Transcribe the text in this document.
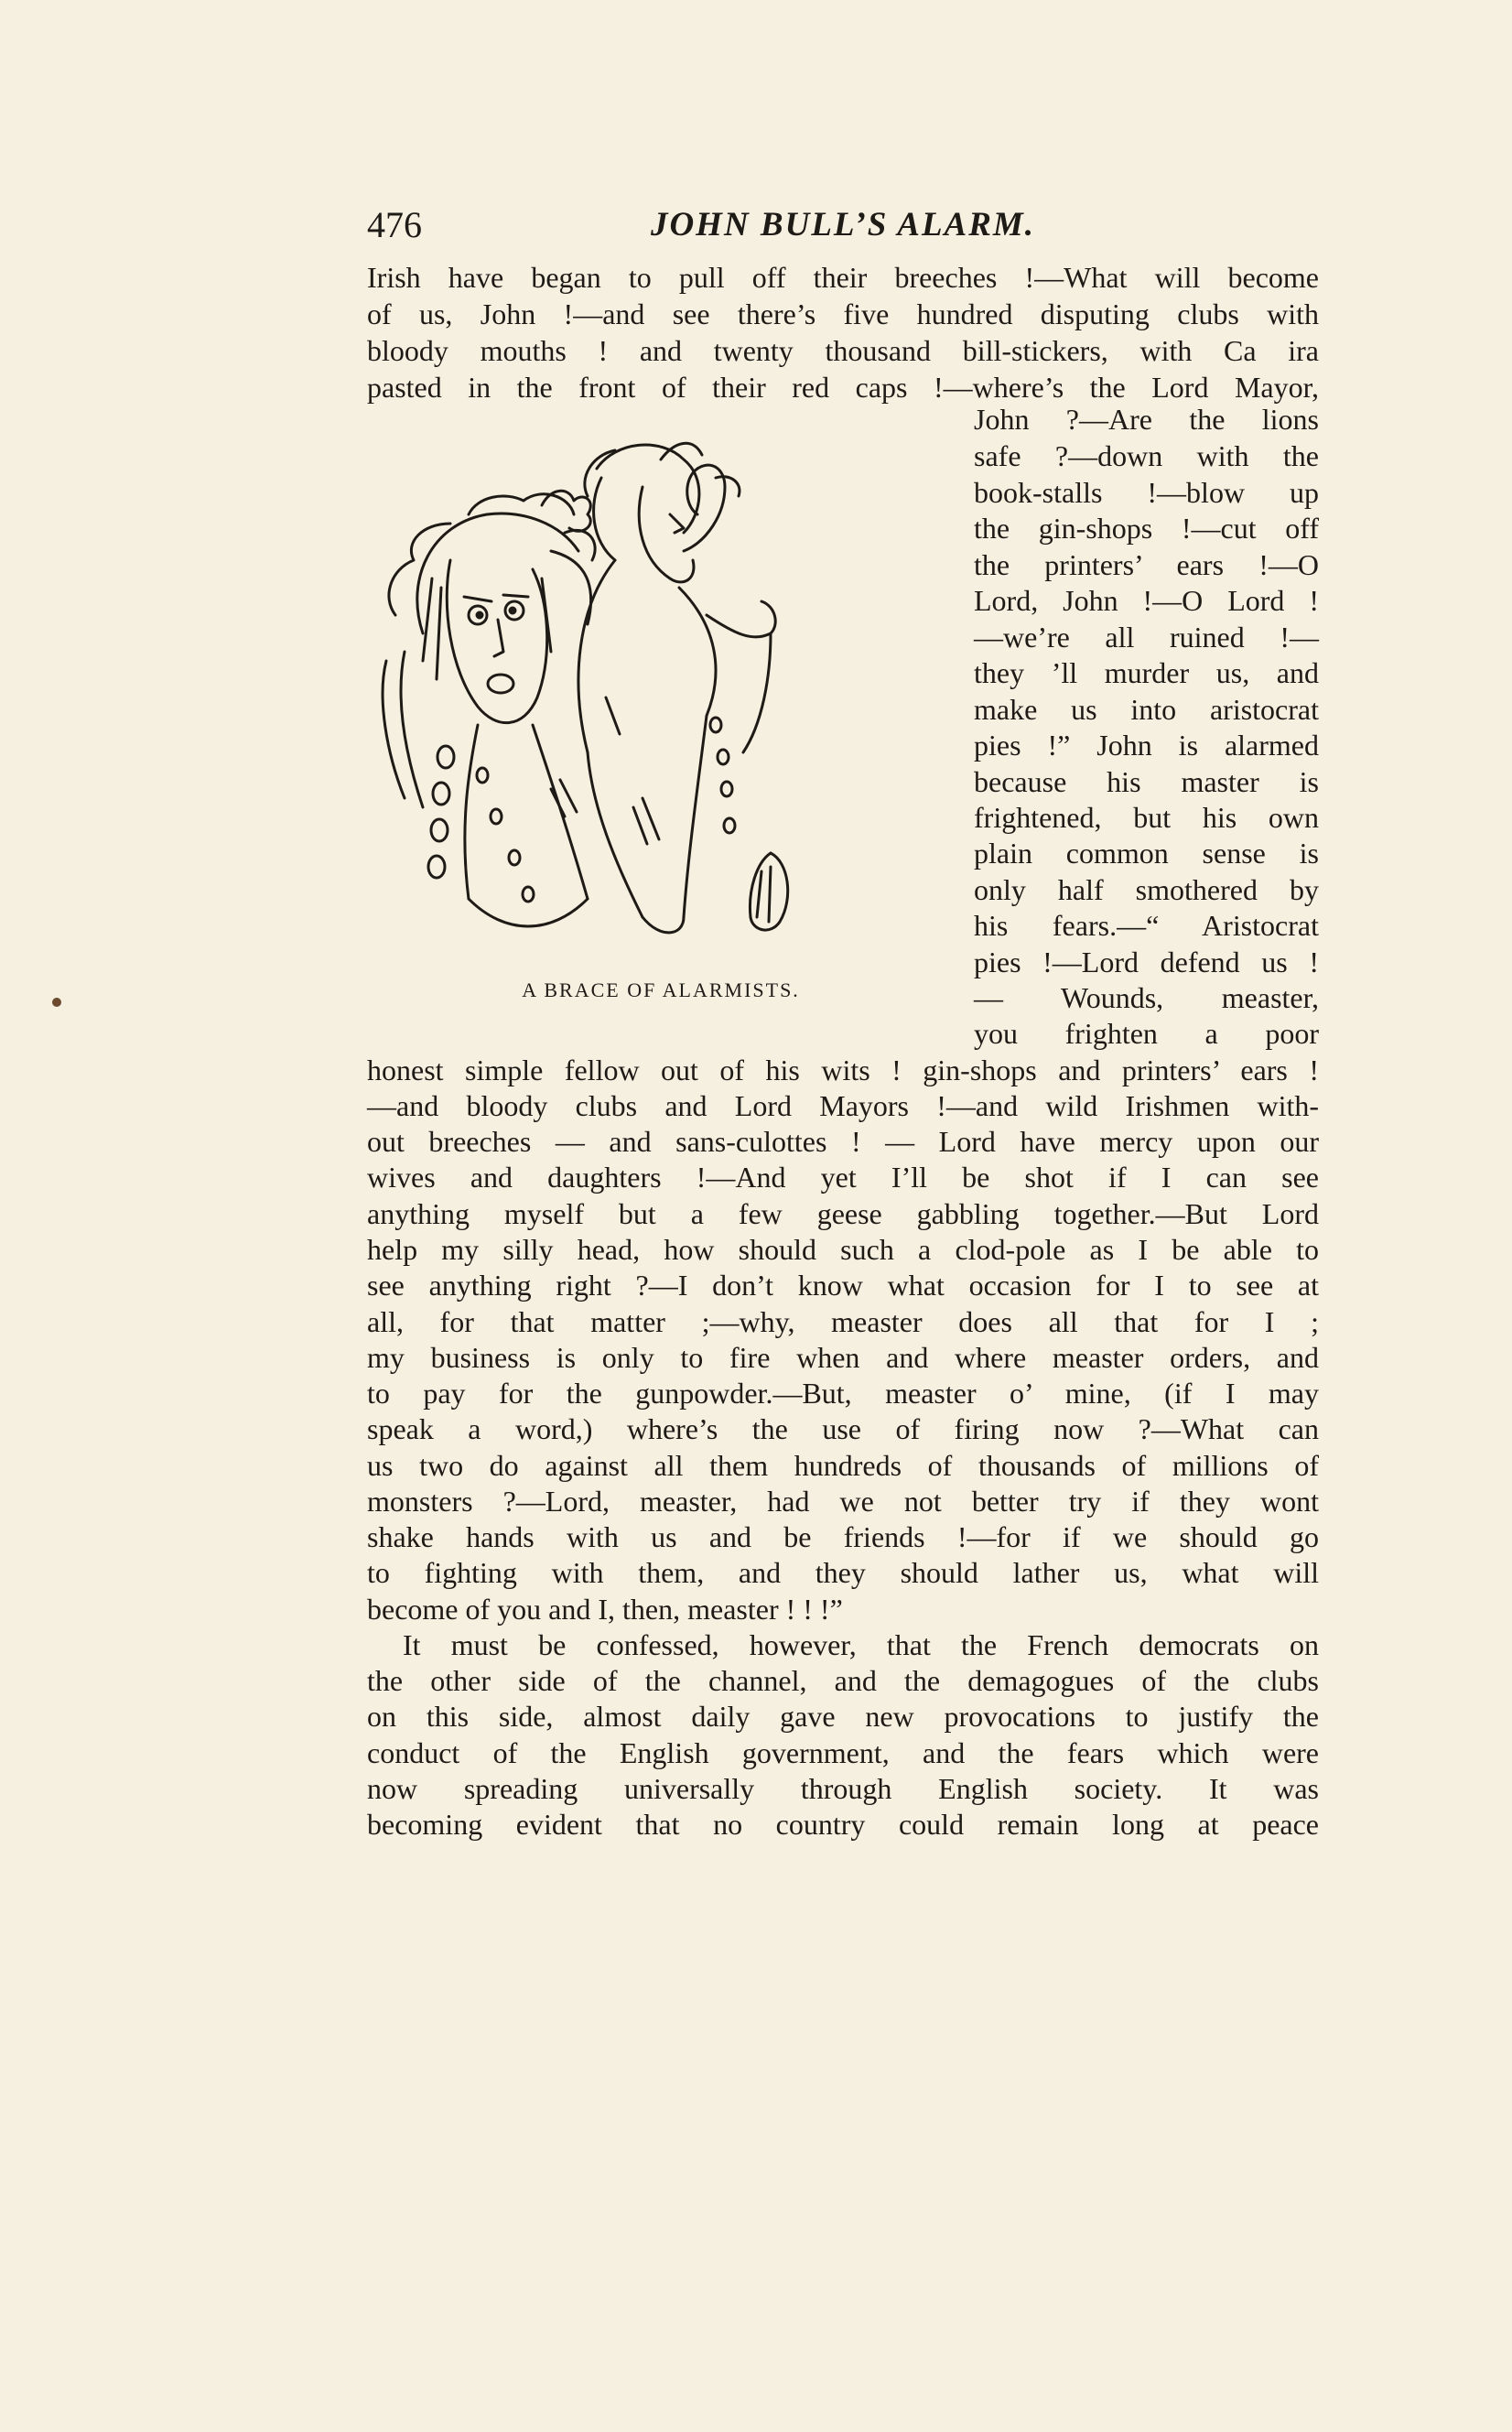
476	JOHN BULL’S ALARM.
Irish have began to pull off their breeches !—What will become
of us, John !—and see there’s five hundred disputing clubs with
bloody mouths ! and twenty thousand bill-stickers, with Ca ira
pasted in the front of their red caps !—where’s the Lord Mayor,
John ?—Are the lions
safe ?—down with the
book-stalls !—blow up
the gin-shops !—cut off
the printers’ ears !—O
Lord, John !—O Lord !
—we’re all ruined !—
they ’ll murder us, and
make us into aristocrat
pies !” John is alarmed
because his master is
frightened, but his own
plain common sense is
only half smothered by
his fears.—“ Aristocrat
pies !—Lord defend us !
— Wounds, measter,
you frighten a poor
A BRACE OF ALARMISTS.
honest simple fellow out of his wits ! gin-shops and printers’ ears !
—and bloody clubs and Lord Mayors !—and wild Irishmen with-
out breeches — and sans-culottes ! — Lord have mercy upon our
wives and daughters !—And yet I’ll be shot if I can see
anything myself but a few geese gabbling together.—But Lord
help my silly head, how should such a clod-pole as I be able to
see anything right ?—I don’t know what occasion for I to see at
all, for that matter ;—why, measter does all that for I ;
my business is only to fire when and where measter orders, and
to pay for the gunpowder.—But, measter o’ mine, (if I may
speak a word,) where’s the use of firing now ?—What can
us two do against all them hundreds of thousands of millions of
monsters ?—Lord, measter, had we not better try if they wont
shake hands with us and be friends !—for if we should go
to fighting with them, and they should lather us, what will
become of you and I, then, measter ! ! !”
It must be confessed, however, that the French democrats on
the other side of the channel, and the demagogues of the clubs
on this side, almost daily gave new provocations to justify the
conduct of the English government, and the fears which were
now spreading universally through English society. It was
becoming evident that no country could remain long at peace
